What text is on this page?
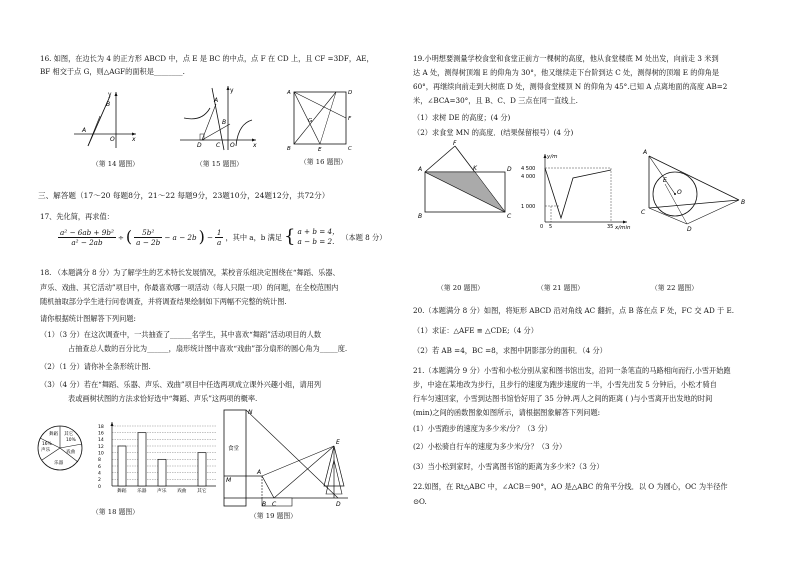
16. 如图，在边长为 4 的正方形 ABCD 中，点 E 是 BC 的中点，点 F 在 CD 上，且 CF =3DF，AE，
BF 相交于点 G，则△AGF的面积是________.
y
A
B
O	x
（第 14 题图）
y
A
B
O	x
C
D
（第 15 题图）
A	D
B	C
F
G
E
（第 16 题图）
三、解答题（17～20 每题8分，21～22 每题9分，23题10分，24题12分，共72分）
17、先化简，再求值：
$\frac{\text{a² − 6ab + 9b²}}{\text{a² − 2ab}}$ ÷ ( $\frac{\text{5b²}}{a - 2b} - a - 2b$ ) − $\frac{1}{a}$ ，其中 a，b 满足 { a + b = 4，
a − b = 2. （本题 8 分）
18. （本题满分 8 分）为了解学生的艺术特长发展情况，某校音乐组决定围绕在“舞蹈、乐器、
声乐、戏曲、其它活动”项目中，你最喜欢哪一项活动（每人只限一项）的问题，在全校范围内
随机抽取部分学生进行问卷调查，并将调查结果绘制如下两幅不完整的统计图.
请你根据统计图解答下列问题:
（1）（3 分）在这次调查中，一共抽查了______名学生，其中喜欢“舞蹈”活动项目的人数
占抽查总人数的百分比为______，扇形统计图中喜欢“戏曲”部分扇形的圆心角为_____度.
（2）（1 分）请你补全条形统计图.
（3）（4 分）若在“舞蹈、乐器、声乐、戏曲”项目中任选两项成立课外兴趣小组，请用列
表或画树状图的方法求恰好选中“舞蹈、声乐”这两项的概率.
舞蹈 其它
10%
声乐	戏曲
乐器
16%
18
16
14
12
10
8
6
4
2
0
舞蹈 乐器 声乐 戏曲 其它
（第 18 题图）
N
M
A
B C	D
E
食堂
（第 19 题图）
19.小明想要测量学校食堂和食堂正前方一棵树的高度，他从食堂楼底 M 处出发，向前走 3 米到
达 A 处，测得树顶端 E 的仰角为 30°，他又继续走下台阶到达 C 处，测得树的顶端 E 的仰角是
60°，再继续向前走到大树底 D 处，测得食堂楼顶 N 的仰角为 45°.已知 A 点离地面的高度 AB=2
米，∠BCA=30°，且 B、C、D 三点在同一直线上.
（1）求树 DE 的高度；(4 分)
（2）求食堂 MN 的高度．(结果保留根号）(4 分)
F
A	K	D
B	C
（第 20 题图）
y/m
x/min
4 500
4 000
1 000
0 5	35
（第 21 题图）
A
E
O
C
B
D
（第 22 题图）
20.（本题满分 8 分）如图，将矩形 ABCD 沿对角线 AC 翻折，点 B 落在点 F 处，FC 交 AD 于 E.
（1）求证：△AFE ≌ △CDE;（4 分）
（2）若 AB =4，BC =8，求图中阴影部分的面积．（4 分）
21.（本题满分 9 分）小雪和小松分别从家和图书馆出发，沿同一条笔直的马路相向而行,小雪开始跑
步，中途在某地改为步行，且步行的速度为跑步速度的一半，小雪先出发 5 分钟后，小松才骑自
行车匀速回家，小雪到达图书馆恰好用了 35 分钟.两人之间的距离 ( )与小雪离开出发地的时间
(min)之间的函数图象如图所示，请根据图象解答下列问题:
(1）小雪跑步的速度为多少米/分？（3 分）
(2）小松骑自行车的速度为多少米/分？（3 分）
(3）当小松到家时，小雪离图书馆的距离为多少米?（3 分）
22.如图，在 Rt△ABC 中，∠ACB＝90°，AO 是△ABC 的角平分线．以 O 为圆心，OC 为半径作
⊙O.
